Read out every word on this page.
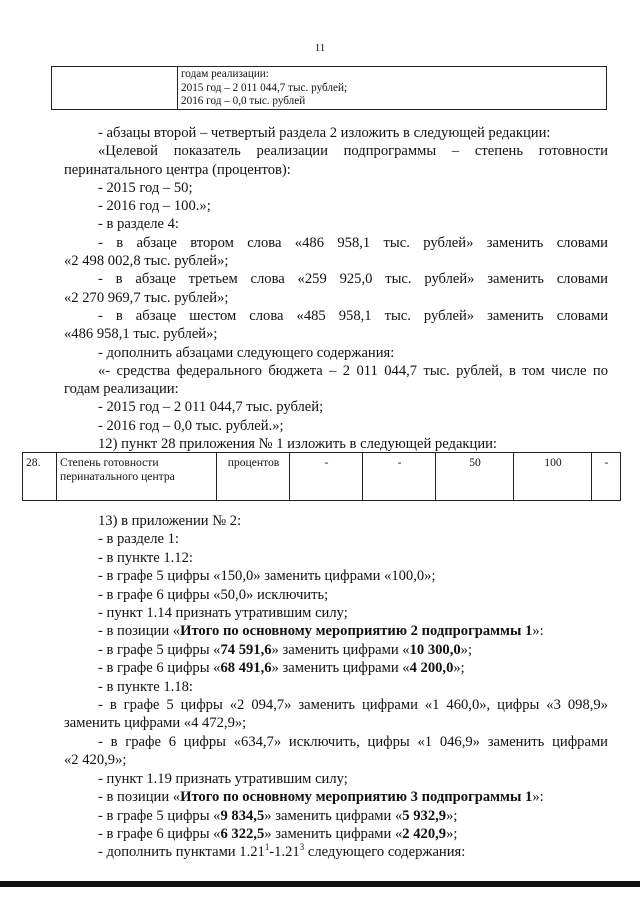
11

годам реализации:
2015 год – 2 011 044,7 тыс. рублей;
2016 год – 0,0 тыс. рублей
- абзацы второй – четвертый раздела 2 изложить в следующей редакции:
«Целевой показатель реализации подпрограммы – степень готовности
перинатального центра (процентов):
- 2015 год – 50;
- 2016 год – 100.»;
- в разделе 4:
- в абзаце втором слова «486 958,1 тыс. рублей» заменить словами
«2 498 002,8 тыс. рублей»;
- в абзаце третьем слова «259 925,0 тыс. рублей» заменить словами
«2 270 969,7 тыс. рублей»;
- в абзаце шестом слова «485 958,1 тыс. рублей» заменить словами
«486 958,1 тыс. рублей»;
- дополнить абзацами следующего содержания:
«- средства федерального бюджета – 2 011 044,7 тыс. рублей, в том числе по
годам реализации:
- 2015 год – 2 011 044,7 тыс. рублей;
- 2016 год – 0,0 тыс. рублей.»;
12) пункт 28 приложения № 1 изложить в следующей редакции:
28.	Степень готовности
перинатального центра
	процентов	-	-	50	100	-
13) в приложении № 2:
- в разделе 1:
- в пункте 1.12:
- в графе 5 цифры «150,0» заменить цифрами «100,0»;
- в графе 6 цифры «50,0» исключить;
- пункт 1.14 признать утратившим силу;
- в позиции «Итого по основному мероприятию 2 подпрограммы 1»:
- в графе 5 цифры «74 591,6» заменить цифрами «10 300,0»;
- в графе 6 цифры «68 491,6» заменить цифрами «4 200,0»;
- в пункте 1.18:
- в графе 5 цифры «2 094,7» заменить цифрами «1 460,0», цифры «3 098,9»
заменить цифрами «4 472,9»;
- в графе 6 цифры «634,7» исключить, цифры «1 046,9» заменить цифрами
«2 420,9»;
- пункт 1.19 признать утратившим силу;
- в позиции «Итого по основному мероприятию 3 подпрограммы 1»:
- в графе 5 цифры «9 834,5» заменить цифрами «5 932,9»;
- в графе 6 цифры «6 322,5» заменить цифрами «2 420,9»;
- дополнить пунктами 1.21$^1$-1.21$^3$ следующего содержания:
